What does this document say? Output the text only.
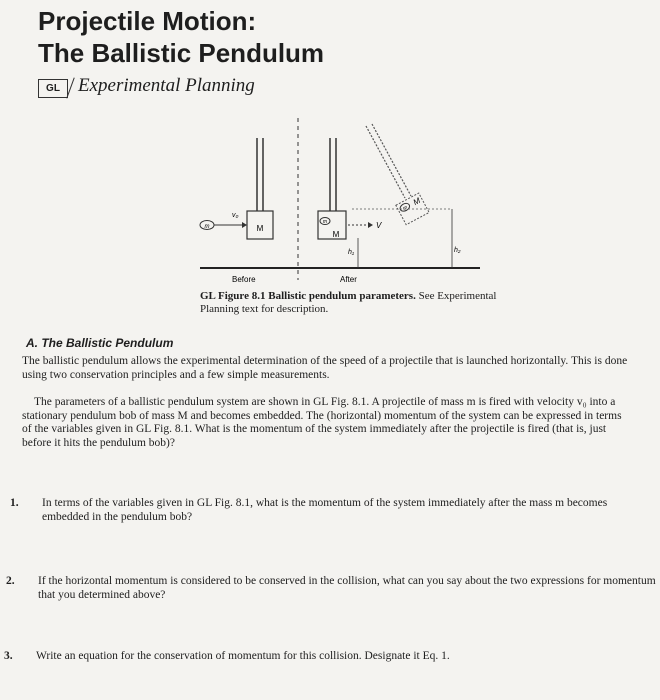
Projectile Motion:
The Ballistic Pendulum
GL Experimental Planning
M
m
v₀
m
M
V
m
M
h₂
h₁
Before	After
GL Figure 8.1 Ballistic pendulum parameters. See Experimental Planning text for description.
A. The Ballistic Pendulum

The ballistic pendulum allows the experimental determination of the speed of a projectile that is launched horizontally. This is done using two conservation principles and a few simple measurements.

The parameters of a ballistic pendulum system are shown in GL Fig. 8.1. A projectile of mass m is fired with velocity v₀ into a stationary pendulum bob of mass M and becomes embedded. The (horizontal) momentum of the system can be expressed in terms of the variables given in GL Fig. 8.1. What is the momentum of the system immediately after the projectile is fired (that is, just before it hits the pendulum bob)?

1. In terms of the variables given in GL Fig. 8.1, what is the momentum of the system immediately after the mass m becomes embedded in the pendulum bob?
2. If the horizontal momentum is considered to be conserved in the collision, what can you say about the two expressions for momentum that you determined above?
3. Write an equation for the conservation of momentum for this collision. Designate it Eq. 1.
